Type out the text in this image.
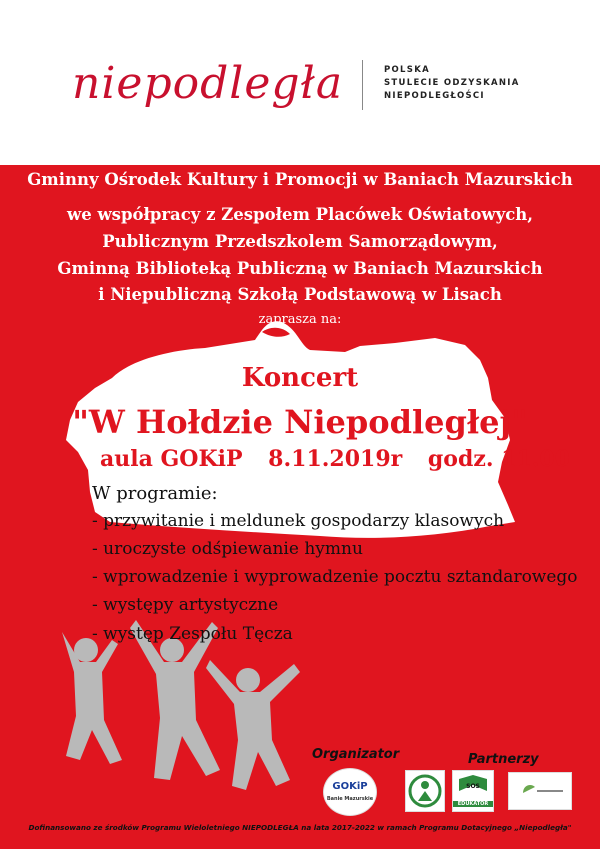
niepodległa	POLSKA
STULECIE ODZYSKANIA
NIEPODLEGŁOŚCI
Gminny Ośrodek Kultury i Promocji w Baniach Mazurskich
we współpracy z Zespołem Placówek Oświatowych,
Publicznym Przedszkolem Samorządowym,
Gminną Biblioteką Publiczną w Baniach Mazurskich
i Niepubliczną Szkołą Podstawową w Lisach
zaprasza na:
Koncert
"W Hołdzie Niepodległej"
aula GOKiP 8.11.2019r godz. 11.00
W programie:
- przywitanie i meldunek gospodarzy klasowych
- uroczyste odśpiewanie hymnu
- wprowadzenie i wyprowadzenie pocztu sztandarowego
- występy artystyczne
- występ Zespołu Tęcza
Organizator	Partnerzy
GOKiP
Banie Mazurskie
SOS
EDUKATOR
Dofinansowano ze środków Programu Wieloletniego NIEPODLEGŁA na lata 2017-2022 w ramach Programu Dotacyjnego „Niepodległa"
